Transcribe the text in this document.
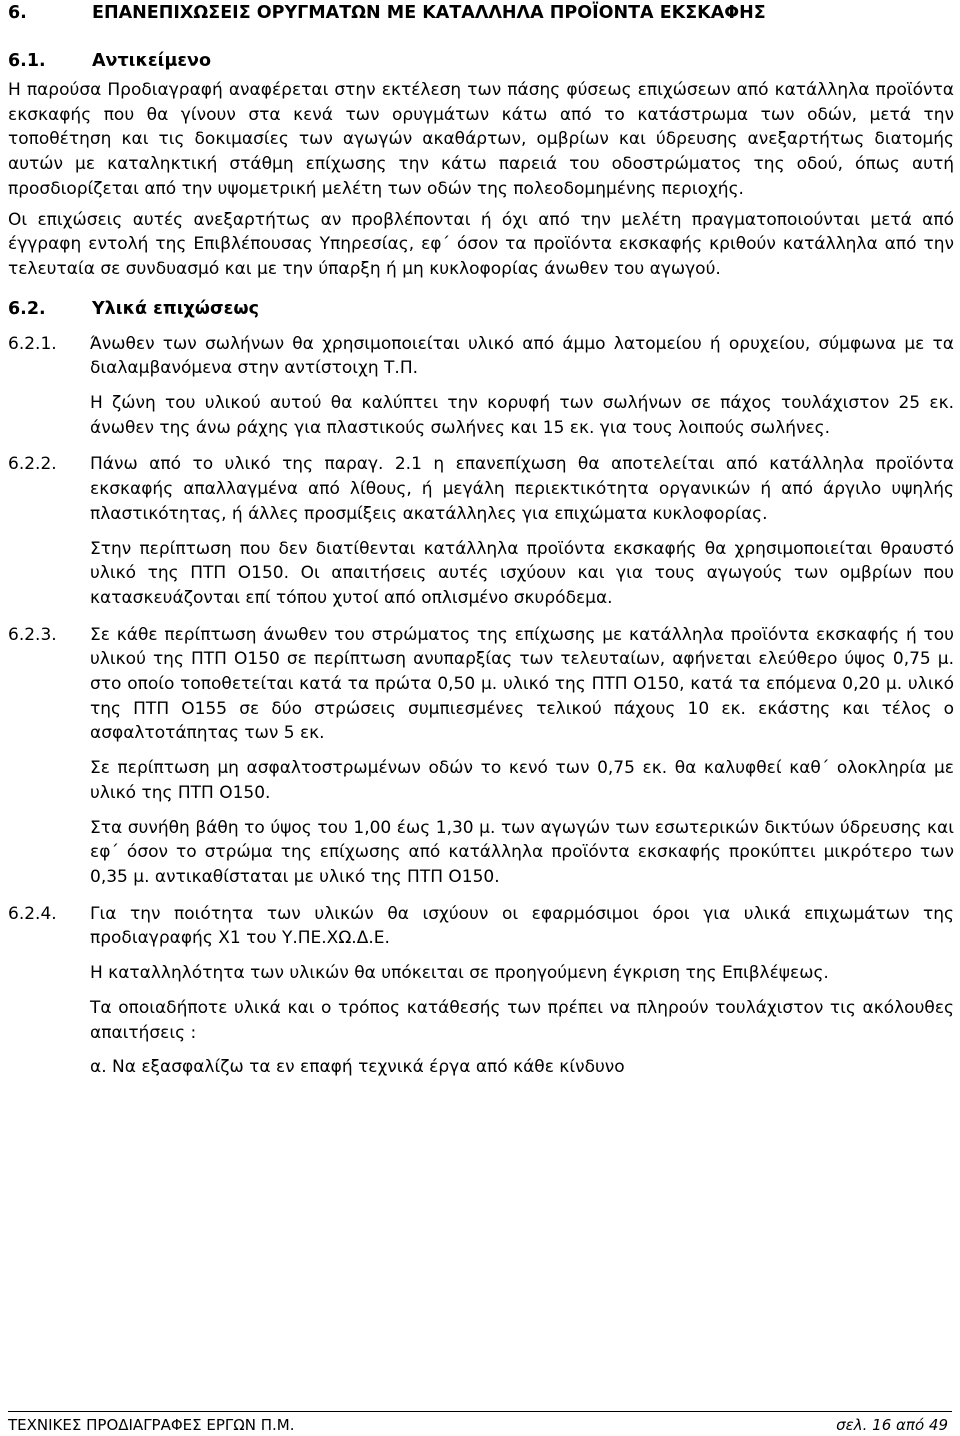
6.	ΕΠΑΝΕΠΙΧΩΣΕΙΣ ΟΡΥΓΜΑΤΩΝ ΜΕ ΚΑΤΑΛΛΗΛΑ ΠΡΟΪΟΝΤΑ ΕΚΣΚΑΦΗΣ
6.1.	Αντικείμενο

Η παρούσα Προδιαγραφή αναφέρεται στην εκτέλεση των πάσης φύσεως επιχώσεων από κατάλληλα προϊόντα εκσκαφής που θα γίνουν στα κενά των ορυγμάτων κάτω από το κατάστρωμα των οδών, μετά την τοποθέτηση και τις δοκιμασίες των αγωγών ακαθάρτων, ομβρίων και ύδρευσης ανεξαρτήτως διατομής αυτών με καταληκτική στάθμη επίχωσης την κάτω παρειά του οδοστρώματος της οδού, όπως αυτή προσδιορίζεται από την υψομετρική μελέτη των οδών της πολεοδομημένης περιοχής.

Οι επιχώσεις αυτές ανεξαρτήτως αν προβλέπονται ή όχι από την μελέτη πραγματοποιούνται μετά από έγγραφη εντολή της Επιβλέπουσας Υπηρεσίας, εφ΄ όσον τα προϊόντα εκσκαφής κριθούν κατάλληλα από την τελευταία σε συνδυασμό και με την ύπαρξη ή μη κυκλοφορίας άνωθεν του αγωγού.

6.2.	Υλικά επιχώσεως
6.2.1.	Άνωθεν των σωλήνων θα χρησιμοποιείται υλικό από άμμο λατομείου ή ορυχείου, σύμφωνα με τα διαλαμβανόμενα στην αντίστοιχη Τ.Π.

Η ζώνη του υλικού αυτού θα καλύπτει την κορυφή των σωλήνων σε πάχος τουλάχιστον 25 εκ. άνωθεν της άνω ράχης για πλαστικούς σωλήνες και 15 εκ. για τους λοιπούς σωλήνες.

6.2.2.	Πάνω από το υλικό της παραγ. 2.1 η επανεπίχωση θα αποτελείται από κατάλληλα προϊόντα εκσκαφής απαλλαγμένα από λίθους, ή μεγάλη περιεκτικότητα οργανικών ή από άργιλο υψηλής πλαστικότητας, ή άλλες προσμίξεις ακατάλληλες για επιχώματα κυκλοφορίας.

Στην περίπτωση που δεν διατίθενται κατάλληλα προϊόντα εκσκαφής θα χρησιμοποιείται θραυστό υλικό της ΠΤΠ Ο150. Οι απαιτήσεις αυτές ισχύουν και για τους αγωγούς των ομβρίων που κατασκευάζονται επί τόπου χυτοί από οπλισμένο σκυρόδεμα.

6.2.3.	Σε κάθε περίπτωση άνωθεν του στρώματος της επίχωσης με κατάλληλα προϊόντα εκσκαφής ή του υλικού της ΠΤΠ Ο150 σε περίπτωση ανυπαρξίας των τελευταίων, αφήνεται ελεύθερο ύψος 0,75 μ. στο οποίο τοποθετείται κατά τα πρώτα 0,50 μ. υλικό της ΠΤΠ Ο150, κατά τα επόμενα 0,20 μ. υλικό της ΠΤΠ Ο155 σε δύο στρώσεις συμπιεσμένες τελικού πάχους 10 εκ. εκάστης και τέλος ο ασφαλτοτάπητας των 5 εκ.

Σε περίπτωση μη ασφαλτοστρωμένων οδών το κενό των 0,75 εκ. θα καλυφθεί καθ΄ ολοκληρία με υλικό της ΠΤΠ Ο150.

Στα συνήθη βάθη το ύψος του 1,00 έως 1,30 μ. των αγωγών των εσωτερικών δικτύων ύδρευσης και εφ΄ όσον το στρώμα της επίχωσης από κατάλληλα προϊόντα εκσκαφής προκύπτει μικρότερο των 0,35 μ. αντικαθίσταται με υλικό της ΠΤΠ Ο150.

6.2.4.	Για την ποιότητα των υλικών θα ισχύουν οι εφαρμόσιμοι όροι για υλικά επιχωμάτων της προδιαγραφής Χ1 του Υ.ΠΕ.ΧΩ.Δ.Ε.

Η καταλληλότητα των υλικών θα υπόκειται σε προηγούμενη έγκριση της Επιβλέψεως.

Τα οποιαδήποτε υλικά και ο τρόπος κατάθεσής των πρέπει να πληρούν τουλάχιστον τις ακόλουθες απαιτήσεις :

α. Να εξασφαλίζω τα εν επαφή τεχνικά έργα από κάθε κίνδυνο

ΤΕΧΝΙΚΕΣ ΠΡΟΔΙΑΓΡΑΦΕΣ ΕΡΓΩΝ Π.Μ.	σελ. 16 από 49
